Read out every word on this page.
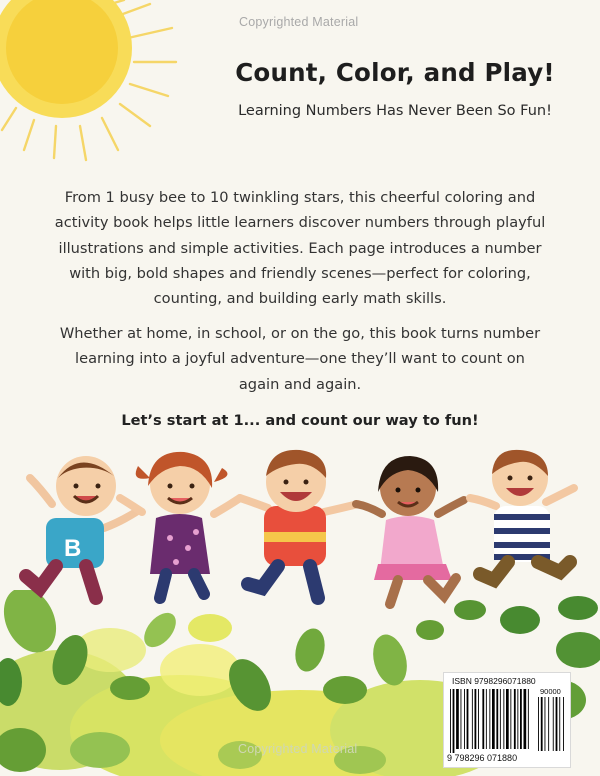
Copyrighted Material
Count, Color, and Play!
Learning Numbers Has Never Been So Fun!

From 1 busy bee to 10 twinkling stars, this cheerful coloring and
activity book helps little learners discover numbers through playful
illustrations and simple activities. Each page introduces a number
with big, bold shapes and friendly scenes—perfect for coloring,
counting, and building early math skills.

Whether at home, in school, or on the go, this book turns number
learning into a joyful adventure—one they’ll want to count on
again and again.

Let’s start at 1... and count our way to fun!
B
Copyrighted Material
ISBN 9798296071880
90000
9 798296 071880
